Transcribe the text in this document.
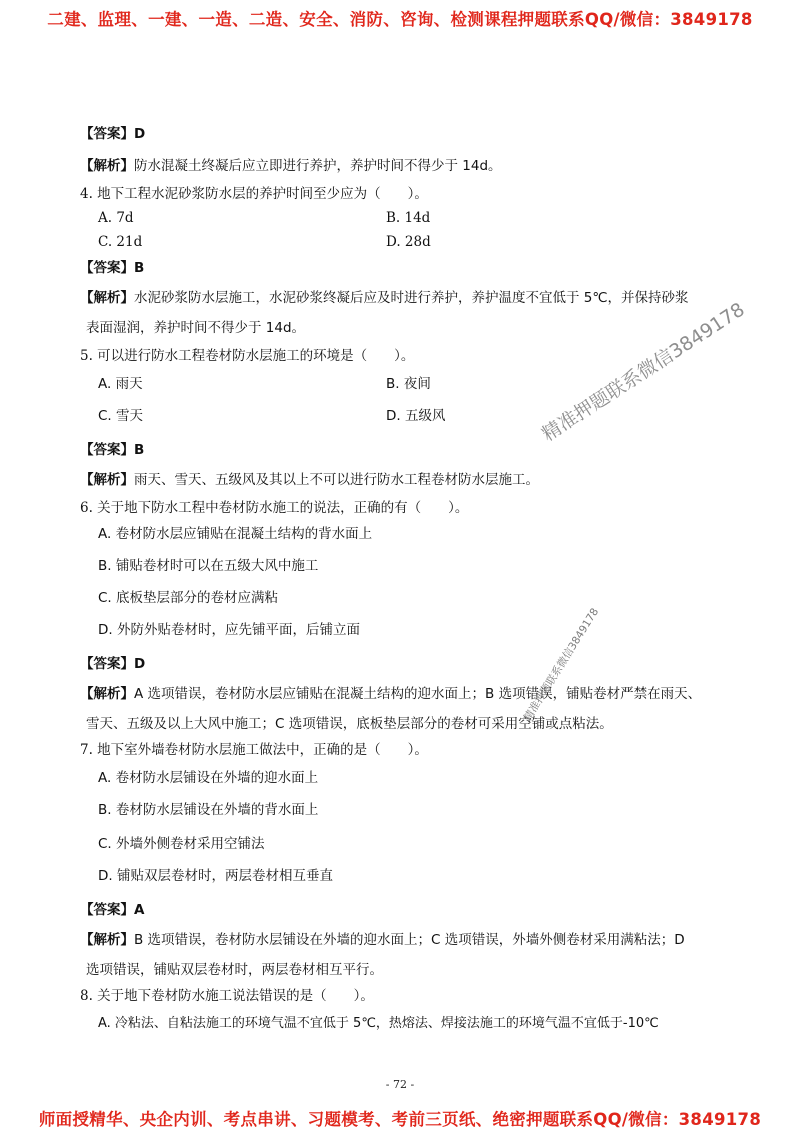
二建、监理、一建、一造、二造、安全、消防、咨询、检测课程押题联系QQ/微信：3849178
【答案】D
【解析】防水混凝土终凝后应立即进行养护，养护时间不得少于 14d。
4. 地下工程水泥砂浆防水层的养护时间至少应为（　　）。
A. 7d	B. 14d
C. 21d	D. 28d
【答案】B
【解析】水泥砂浆防水层施工，水泥砂浆终凝后应及时进行养护，养护温度不宜低于 5℃，并保持砂浆
表面湿润，养护时间不得少于 14d。
5. 可以进行防水工程卷材防水层施工的环境是（　　）。
A. 雨天	B. 夜间
C. 雪天	D. 五级风
【答案】B
【解析】雨天、雪天、五级风及其以上不可以进行防水工程卷材防水层施工。
6. 关于地下防水工程中卷材防水施工的说法，正确的有（　　）。
A. 卷材防水层应铺贴在混凝土结构的背水面上
B. 铺贴卷材时可以在五级大风中施工
C. 底板垫层部分的卷材应满粘
D. 外防外贴卷材时，应先铺平面，后铺立面
【答案】D
【解析】A 选项错误，卷材防水层应铺贴在混凝土结构的迎水面上；B 选项错误，铺贴卷材严禁在雨天、
雪天、五级及以上大风中施工；C 选项错误，底板垫层部分的卷材可采用空铺或点粘法。
7. 地下室外墙卷材防水层施工做法中，正确的是（　　）。
A. 卷材防水层铺设在外墙的迎水面上
B. 卷材防水层铺设在外墙的背水面上
C. 外墙外侧卷材采用空铺法
D. 铺贴双层卷材时，两层卷材相互垂直
【答案】A
【解析】B 选项错误，卷材防水层铺设在外墙的迎水面上；C 选项错误，外墙外侧卷材采用满粘法；D
选项错误，铺贴双层卷材时，两层卷材相互平行。
8. 关于地下卷材防水施工说法错误的是（　　）。
A. 冷粘法、自粘法施工的环境气温不宜低于 5℃，热熔法、焊接法施工的环境气温不宜低于-10℃
精准押题联系微信3849178
精准押题联系微信3849178
- 72 -
师面授精华、央企内训、考点串讲、习题模考、考前三页纸、绝密押题联系QQ/微信：3849178
